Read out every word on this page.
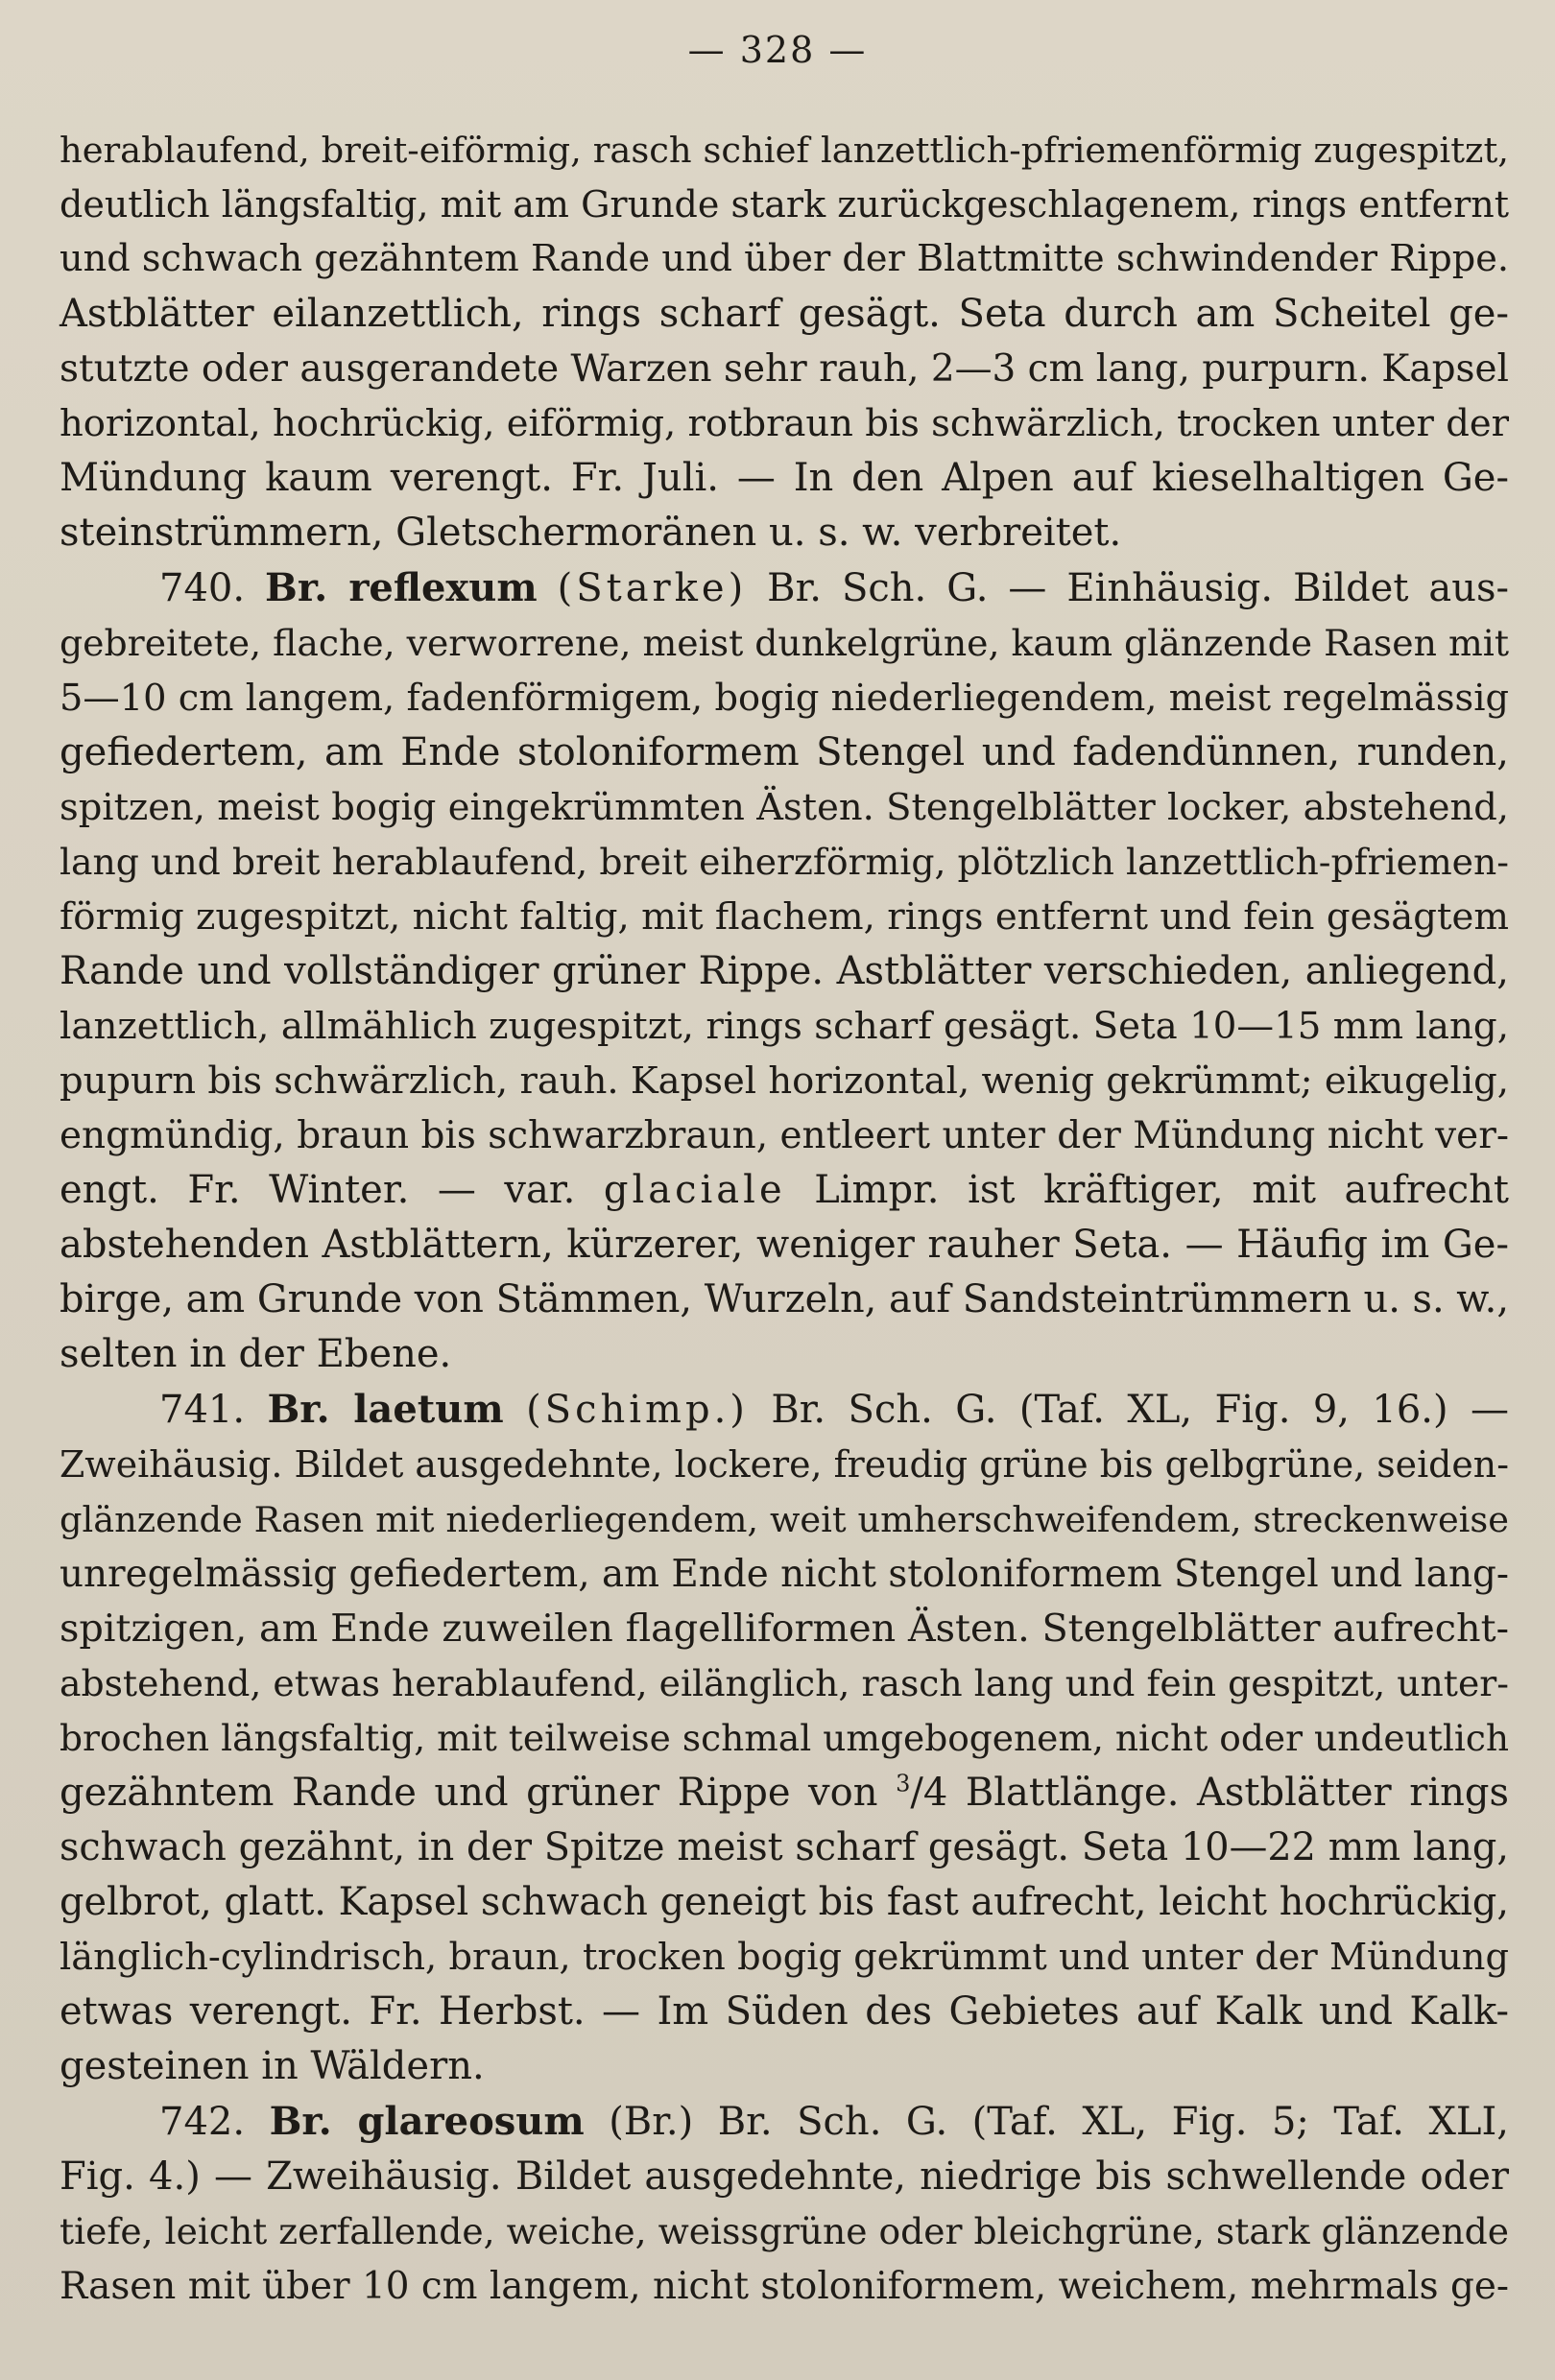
— 328 —
herablaufend, breit-eiförmig, rasch schief lanzettlich-pfriemenförmig zugespitzt,
deutlich längsfaltig, mit am Grunde stark zurückgeschlagenem, rings entfernt
und schwach gezähntem Rande und über der Blattmitte schwindender Rippe.
Astblätter eilanzettlich, rings scharf gesägt. Seta durch am Scheitel ge-
stutzte oder ausgerandete Warzen sehr rauh, 2—3 cm lang, purpurn. Kapsel
horizontal, hochrückig, eiförmig, rotbraun bis schwärzlich, trocken unter der
Mündung kaum verengt. Fr. Juli. — In den Alpen auf kieselhaltigen Ge-
steinstrümmern, Gletschermoränen u. s. w. verbreitet.
740. Br. reflexum (Starke) Br. Sch. G. — Einhäusig. Bildet aus-
gebreitete, flache, verworrene, meist dunkelgrüne, kaum glänzende Rasen mit
5—10 cm langem, fadenförmigem, bogig niederliegendem, meist regelmässig
gefiedertem, am Ende stoloniformem Stengel und fadendünnen, runden,
spitzen, meist bogig eingekrümmten Ästen. Stengelblätter locker, abstehend,
lang und breit herablaufend, breit eiherzförmig, plötzlich lanzettlich-pfriemen-
förmig zugespitzt, nicht faltig, mit flachem, rings entfernt und fein gesägtem
Rande und vollständiger grüner Rippe. Astblätter verschieden, anliegend,
lanzettlich, allmählich zugespitzt, rings scharf gesägt. Seta 10—15 mm lang,
pupurn bis schwärzlich, rauh. Kapsel horizontal, wenig gekrümmt; eikugelig,
engmündig, braun bis schwarzbraun, entleert unter der Mündung nicht ver-
engt. Fr. Winter. — var. glaciale Limpr. ist kräftiger, mit aufrecht
abstehenden Astblättern, kürzerer, weniger rauher Seta. — Häufig im Ge-
birge, am Grunde von Stämmen, Wurzeln, auf Sandsteintrümmern u. s. w.,
selten in der Ebene.
741. Br. laetum (Schimp.) Br. Sch. G. (Taf. XL, Fig. 9, 16.) —
Zweihäusig. Bildet ausgedehnte, lockere, freudig grüne bis gelbgrüne, seiden-
glänzende Rasen mit niederliegendem, weit umherschweifendem, streckenweise
unregelmässig gefiedertem, am Ende nicht stoloniformem Stengel und lang-
spitzigen, am Ende zuweilen flagelliformen Ästen. Stengelblätter aufrecht-
abstehend, etwas herablaufend, eilänglich, rasch lang und fein gespitzt, unter-
brochen längsfaltig, mit teilweise schmal umgebogenem, nicht oder undeutlich
gezähntem Rande und grüner Rippe von $^3$/4 Blattlänge. Astblätter rings
schwach gezähnt, in der Spitze meist scharf gesägt. Seta 10—22 mm lang,
gelbrot, glatt. Kapsel schwach geneigt bis fast aufrecht, leicht hochrückig,
länglich-cylindrisch, braun, trocken bogig gekrümmt und unter der Mündung
etwas verengt. Fr. Herbst. — Im Süden des Gebietes auf Kalk und Kalk-
gesteinen in Wäldern.
742. Br. glareosum (Br.) Br. Sch. G. (Taf. XL, Fig. 5; Taf. XLI,
Fig. 4.) — Zweihäusig. Bildet ausgedehnte, niedrige bis schwellende oder
tiefe, leicht zerfallende, weiche, weissgrüne oder bleichgrüne, stark glänzende
Rasen mit über 10 cm langem, nicht stoloniformem, weichem, mehrmals ge-
